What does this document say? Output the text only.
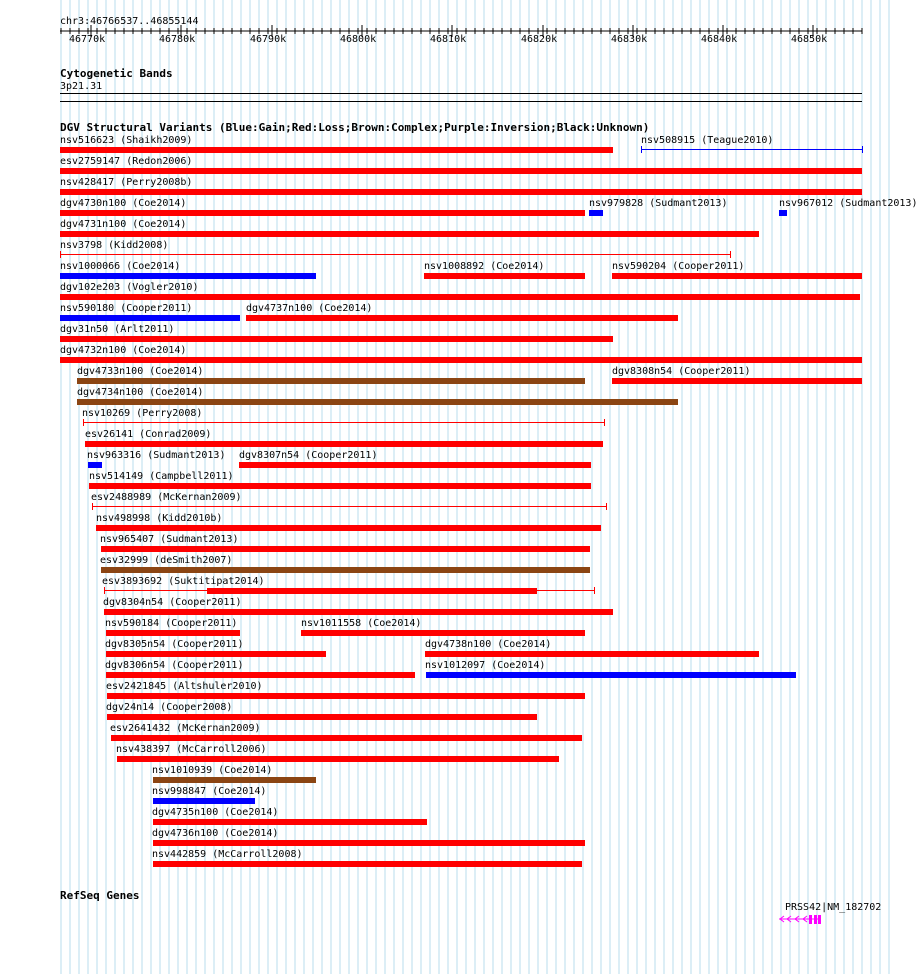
chr3:46766537..46855144
46770k	46780k	46790k	46800k	46810k	46820k	46830k	46840k	46850k
Cytogenetic Bands
3p21.31
DGV Structural Variants (Blue:Gain;Red:Loss;Brown:Complex;Purple:Inversion;Black:Unknown)
nsv516623 (Shaikh2009)	nsv508915 (Teague2010)
esv2759147 (Redon2006)
nsv428417 (Perry2008b)
dgv4730n100 (Coe2014)	nsv979828 (Sudmant2013)	nsv967012 (Sudmant2013)
dgv4731n100 (Coe2014)
nsv3798 (Kidd2008)
nsv1000066 (Coe2014)	nsv1008892 (Coe2014)	nsv590204 (Cooper2011)
dgv102e203 (Vogler2010)
nsv590180 (Cooper2011)	dgv4737n100 (Coe2014)
dgv31n50 (Arlt2011)
dgv4732n100 (Coe2014)
dgv4733n100 (Coe2014)	dgv8308n54 (Cooper2011)
dgv4734n100 (Coe2014)
nsv10269 (Perry2008)
esv26141 (Conrad2009)
nsv963316 (Sudmant2013) dgv8307n54 (Cooper2011)
nsv514149 (Campbell2011)
esv2488989 (McKernan2009)
nsv498998 (Kidd2010b)
nsv965407 (Sudmant2013)
esv32999 (deSmith2007)
esv3893692 (Suktitipat2014)
dgv8304n54 (Cooper2011)
nsv590184 (Cooper2011)	nsv1011558 (Coe2014)
dgv8305n54 (Cooper2011)	dgv4738n100 (Coe2014)
dgv8306n54 (Cooper2011)	nsv1012097 (Coe2014)
esv2421845 (Altshuler2010)
dgv24n14 (Cooper2008)
esv2641432 (McKernan2009)
nsv438397 (McCarroll2006)
nsv1010939 (Coe2014)
nsv998847 (Coe2014)
dgv4735n100 (Coe2014)
dgv4736n100 (Coe2014)
nsv442859 (McCarroll2008)
RefSeq Genes
PRSS42|NM_182702
